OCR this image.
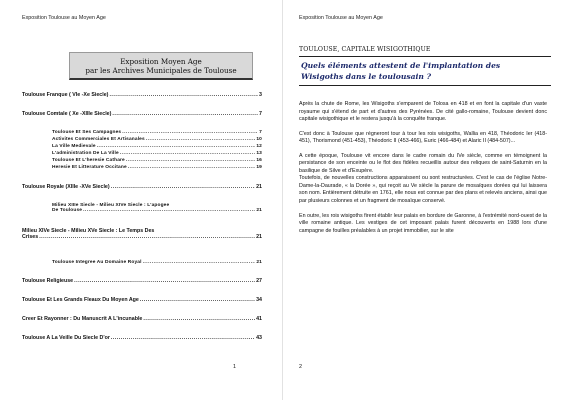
Exposition Toulouse au Moyen Age
Exposition Moyen Age
par les Archives Municipales de Toulouse
Toulouse Franque ( VIe -Xe Siecle) .....	3
Toulouse Comtale ( Xe -XIIIe Siecle) .....	7
Toulouse Et Ses Campagnes .....	7
Activites Commerciales Et Artisanales .....	10
La Ville Medievale .....	12
L'administration De La Ville .....	13
Toulouse Et L'heresie Cathare .....	16
Heresie Et Litterature Occitane .....	19
Toulouse Royale (XIIIe -XVe Siecle) .....	21
Milieu XIIIe Siecle - Milieu XIVe Siecle : L'apogee
De Toulouse .....	21
Milieu XIVe Siecle - Milieu XVe Siecle : Le Temps Des
Crises .....	21
Toulouse Integree Au Domaine Royal .....	21
Toulouse Religieuse .....	27
Toulouse Et Les Grands Fleaux Du Moyen Age .....	34
Creer Et Rayonner : Du Manuscrit A L'incunable .....	41
Toulouse A La Veille Du Siecle D'or .....	43
1
Exposition Toulouse au Moyen Age
TOULOUSE, CAPITALE WISIGOTHIQUE
Quels éléments attestent de l'implantation des
Wisigoths dans le toulousain ?

Après la chute de Rome, les Wisigoths s'emparent de Tolosa en 418 et en font la capitale d'un vaste royaume qui s'étend de part et d'autres des Pyrénées. De cité gallo-romaine, Toulouse devient donc capitale wisigothique et le restera jusqu'à la conquête franque.

C'est donc à Toulouse que régneront tour à tour les rois wisigoths, Wallia en 418, Théodoric Ier (418-451), Thorismond (451-453), Théodoric II (453-466), Euric (466-484) et Alaric II (484-507)...

A cette époque, Toulouse vit encore dans le cadre romain du IVe siècle, comme en témoignent la persistance de son enceinte ou le flot des fidèles recueillis autour des reliques de saint-Saturnin en la basilique de Silve et d'Exupère.

Toutefois, de nouvelles constructions apparaissent ou sont restructurées. C'est le cas de l'église Notre-Dame-la-Daurade, « la Dorée », qui reçoit au Ve siècle la parure de mosaïques dorées qui lui laissera son nom. Entièrement détruite en 1761, elle nous est connue par des plans et relevés anciens, ainsi que par plusieurs colonnes et un fragment de mosaïque conservé.

En outre, les rois wisigoths firent établir leur palais en bordure de Garonne, à l'extrémité nord-ouest de la ville romaine antique. Les vestiges de cet imposant palais furent découverts en 1988 lors d'une campagne de fouilles préalables à un projet immobilier, sur le site

2
